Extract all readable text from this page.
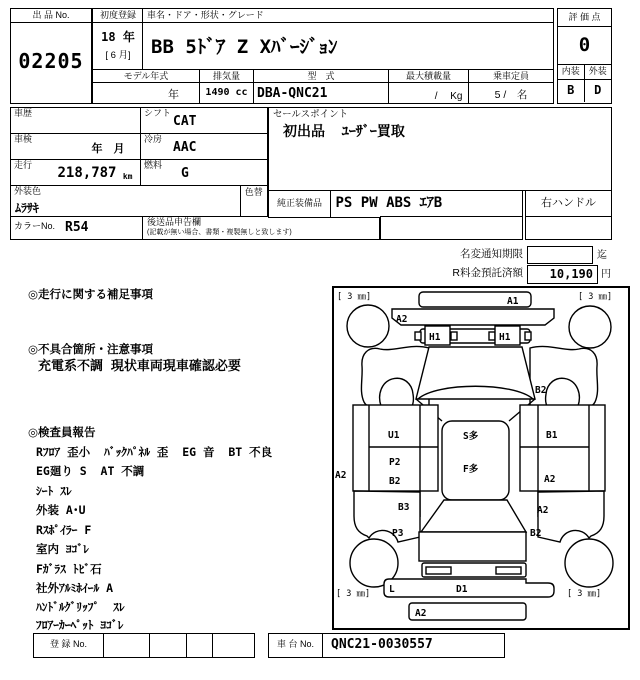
出 品 No.
02205
初度登録
18 年
[ 6 月]
車名・ドア・形状・グレード
BB 5ﾄﾞｱ Z Xﾊﾞｰｼﾞｮﾝ
モデル年式
年
排気量
1490 cc
型　式
DBA-QNC21
最大積載量
/　 Kg
乗車定員
5 /　名
評 価 点
0
内装 外装
B	D
車歴	シフト
CAT
車検
年　月
冷房
AAC
走行 218,787 km
燃料
G
外装色
ﾑﾗｻｷ
色替
カラーNo. R54	後送品申告欄
(記載が無い場合、書類・複製無しと致します)
セールスポイント
初出品  ﾕｰｻﾞｰ買取
純正装備品 PS PW ABS ｴｱB	右ハンドル
名変通知期限	迄
R料金預託済額 10,190 円
◎走行に関する補足事項
◎不具合箇所・注意事項
充電系不調 現状車両現車確認必要
◎検査員報告
Rﾌﾛｱ 歪小  ﾊﾞｯｸﾊﾟﾈﾙ 歪  EG 音  BT 不良
EG廻り S  AT 不調
ｼｰﾄ ｽﾚ
外装 A･U
Rｽﾎﾟｲﾗｰ F
室内 ﾖｺﾞﾚ
Fｶﾞﾗｽ ﾄﾋﾞ石
社外ｱﾙﾐﾎｲｰﾙ A
ﾊﾝﾄﾞﾙｸﾞﾘｯﾌﾟ  ｽﾚ
ﾌﾛｱｰｶｰﾍﾟｯﾄ ﾖｺﾞﾚ
[ 3 ㎜]	[ 3 ㎜]
[ 3 ㎜]	[ 3 ㎜]
A1
A2
H1	H1
B2
U1	S多	B1
P2
F多
A2
B2	A2
B3	A2
P3	B2
L	D1
A2
登 録 No.	車 台 No.	QNC21-0030557
